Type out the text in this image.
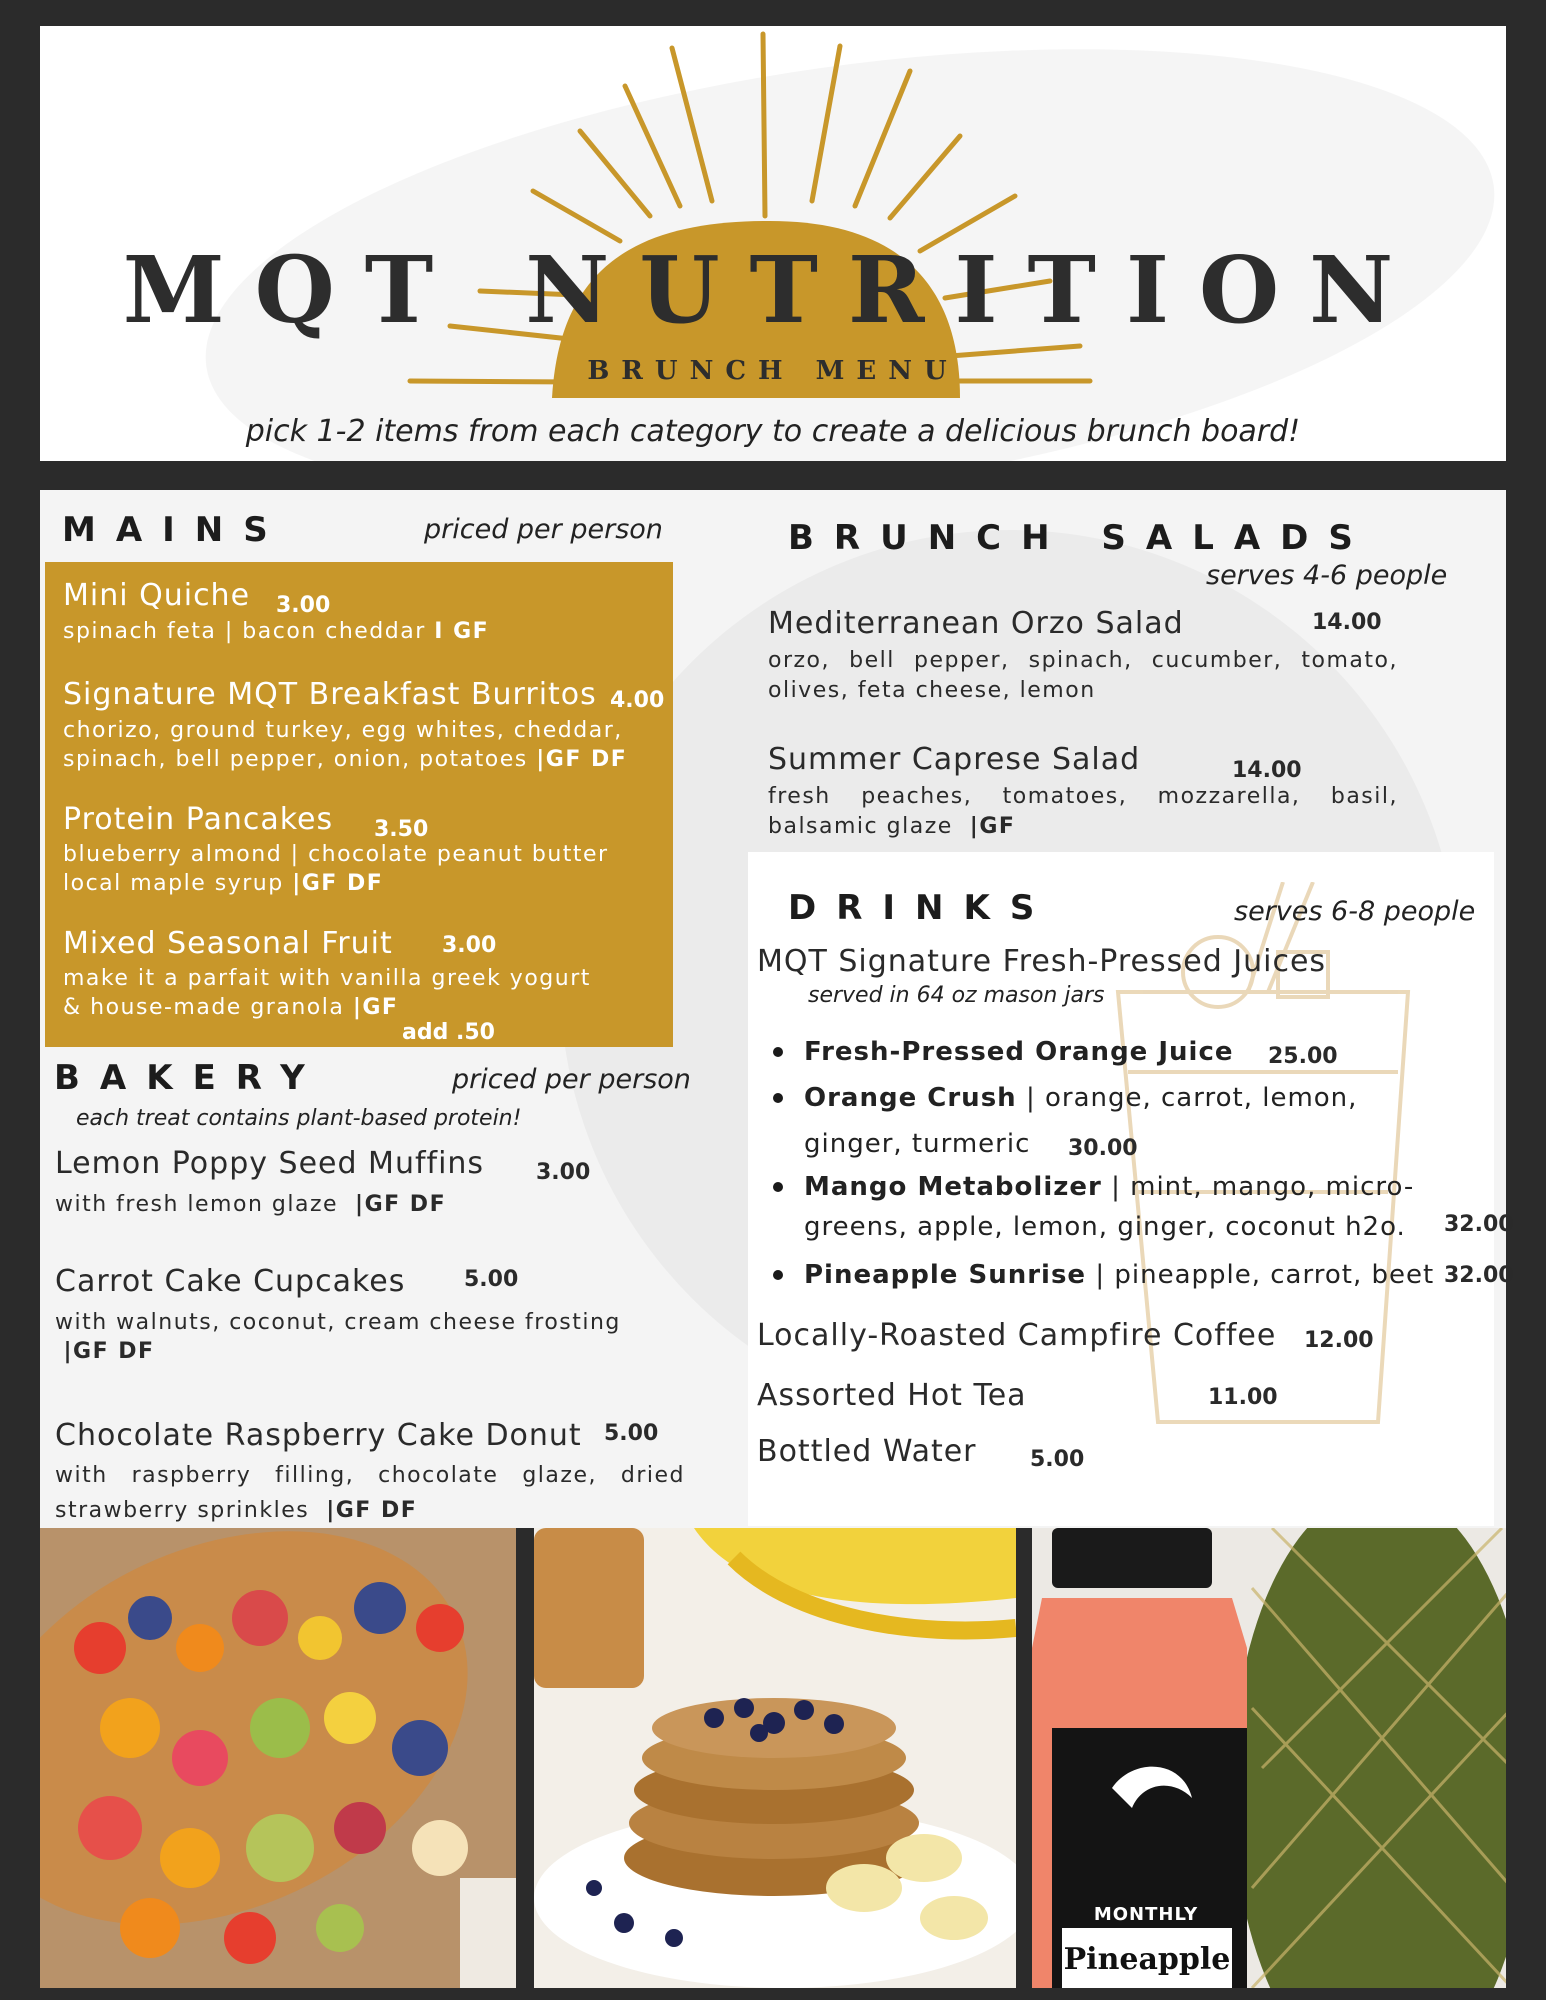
MQT NUTRITION
BRUNCH MENU
pick 1-2 items from each category to create a delicious brunch board!
MAINS	priced per person
Mini Quiche 3.00
spinach feta | bacon cheddar I GF
Signature MQT Breakfast Burritos 4.00
chorizo, ground turkey, egg whites, cheddar,
spinach, bell pepper, onion, potatoes |GF DF
Protein Pancakes 3.50
blueberry almond | chocolate peanut butter
local maple syrup |GF DF
Mixed Seasonal Fruit 3.00
make it a parfait with vanilla greek yogurt
& house-made granola |GF
add .50
BAKERY	priced per person
each treat contains plant-based protein!
Lemon Poppy Seed Muffins 3.00
with fresh lemon glaze |GF DF
Carrot Cake Cupcakes	5.00
with walnuts, coconut, cream cheese frosting
|GF DF
Chocolate Raspberry Cake Donut 5.00
with raspberry filling, chocolate glaze, dried
strawberry sprinkles |GF DF
BRUNCH SALADS
serves 4-6 people
Mediterranean Orzo Salad	14.00
orzo, bell pepper, spinach, cucumber, tomato,
olives, feta cheese, lemon
Summer Caprese Salad	14.00
fresh peaches, tomatoes, mozzarella, basil,
balsamic glaze |GF
DRINKS	serves 6-8 people
MQT Signature Fresh-Pressed Juices
served in 64 oz mason jars
Fresh-Pressed Orange Juice 25.00
Orange Crush | orange, carrot, lemon,
ginger, turmeric 30.00
Mango Metabolizer | mint, mango, micro-
greens, apple, lemon, ginger, coconut h2o. 32.00
Pineapple Sunrise | pineapple, carrot, beet 32.00
Locally-Roasted Campfire Coffee 12.00
Assorted Hot Tea	11.00
Bottled Water 5.00
MONTHLY SPECIAL
Pineapple
